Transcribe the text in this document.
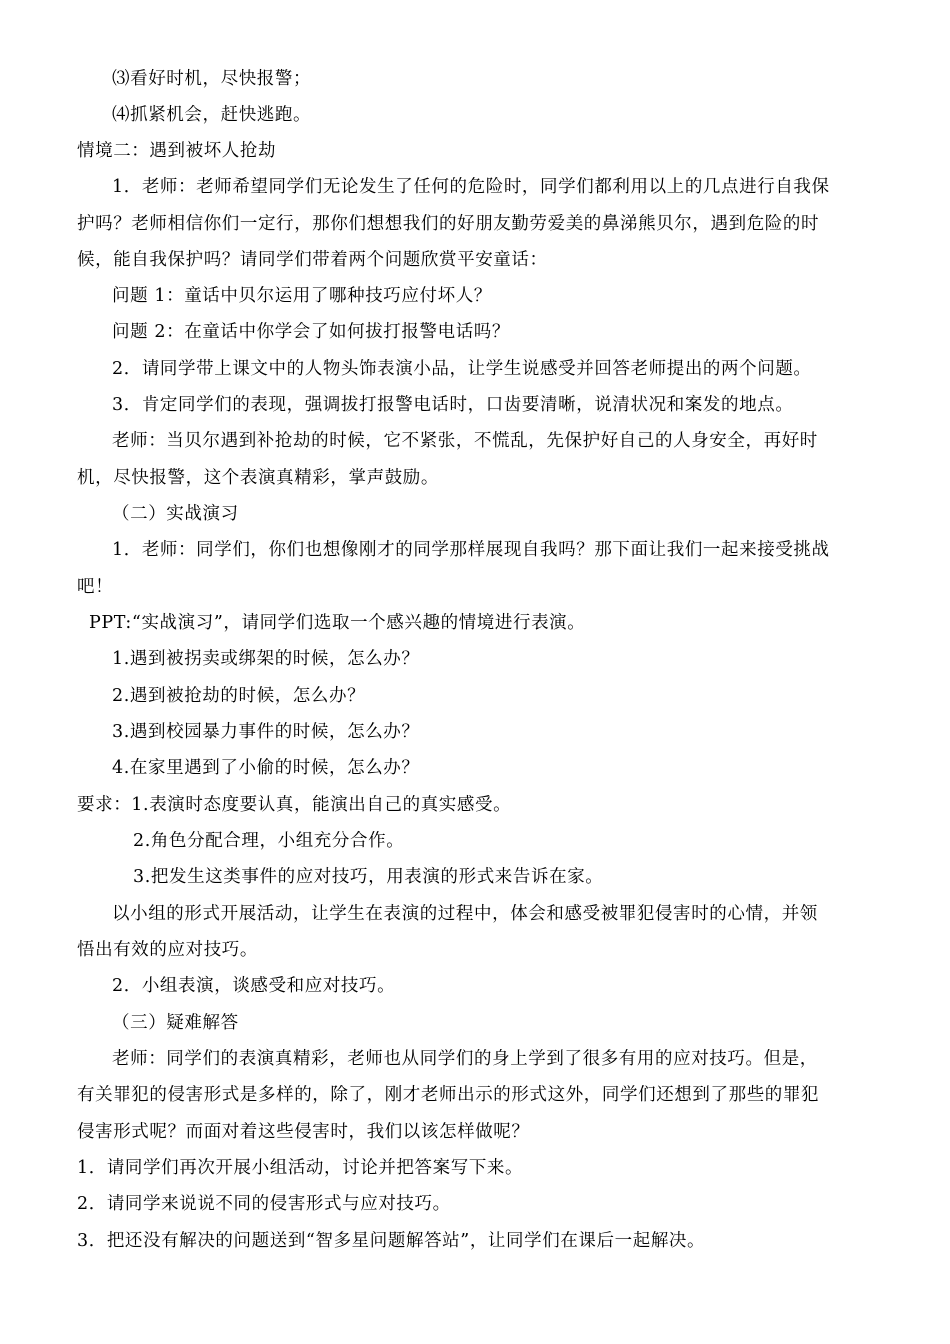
⑶看好时机，尽快报警；
⑷抓紧机会，赶快逃跑。
情境二：遇到被坏人抢劫
1．老师：老师希望同学们无论发生了任何的危险时，同学们都利用以上的几点进行自我保
护吗？老师相信你们一定行，那你们想想我们的好朋友勤劳爱美的鼻涕熊贝尔，遇到危险的时
候，能自我保护吗？请同学们带着两个问题欣赏平安童话：
问题 1：童话中贝尔运用了哪种技巧应付坏人？
问题 2：在童话中你学会了如何拔打报警电话吗？
2．请同学带上课文中的人物头饰表演小品，让学生说感受并回答老师提出的两个问题。
3．肯定同学们的表现，强调拔打报警电话时，口齿要清晰，说清状况和案发的地点。
老师：当贝尔遇到补抢劫的时候，它不紧张，不慌乱，先保护好自己的人身安全，再好时
机，尽快报警，这个表演真精彩，掌声鼓励。
（二）实战演习
1．老师：同学们，你们也想像刚才的同学那样展现自我吗？那下面让我们一起来接受挑战
吧！
PPT:“实战演习”，请同学们选取一个感兴趣的情境进行表演。
1.遇到被拐卖或绑架的时候，怎么办？
2.遇到被抢劫的时候，怎么办？
3.遇到校园暴力事件的时候，怎么办？
4.在家里遇到了小偷的时候，怎么办？
要求：1.表演时态度要认真，能演出自己的真实感受。
2.角色分配合理，小组充分合作。
3.把发生这类事件的应对技巧，用表演的形式来告诉在家。
以小组的形式开展活动，让学生在表演的过程中，体会和感受被罪犯侵害时的心情，并领
悟出有效的应对技巧。
2．小组表演，谈感受和应对技巧。
（三）疑难解答
老师：同学们的表演真精彩，老师也从同学们的身上学到了很多有用的应对技巧。但是，
有关罪犯的侵害形式是多样的，除了，刚才老师出示的形式这外，同学们还想到了那些的罪犯
侵害形式呢？而面对着这些侵害时，我们以该怎样做呢？
1．请同学们再次开展小组活动，讨论并把答案写下来。
2．请同学来说说不同的侵害形式与应对技巧。
3．把还没有解决的问题送到“智多星问题解答站”，让同学们在课后一起解决。
